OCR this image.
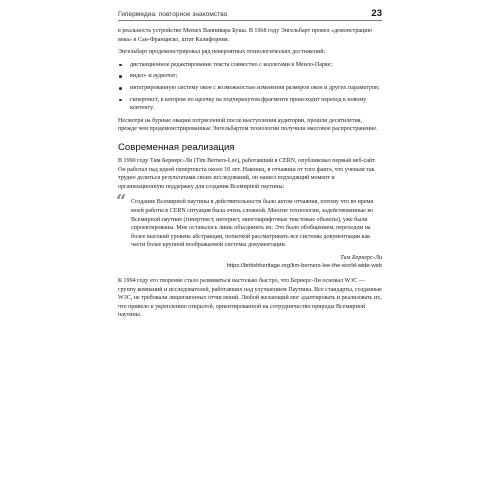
Гипермедиа: повторное знакомство	23

в реальность устройство Memex Ваннивара Буша. В 1968 году Энгельбарт провел «демонстрацию века» в Сан-Франциско, штат Калифорния.

Энгельбарт продемонстрировал ряд невероятных технологических достижений:

дистанционное редактирование текста совместно с коллегами в Менло-Парке;
видео- и аудиочат;
интегрированную систему окон с возможностью изменения размеров окон и других параметров;
гипертекст, в котором по щелчку на подчеркнутом фрагменте происходит переход к новому контенту.

Несмотря на бурные овации потрясенной после выступления аудитории, прошли десятилетия, прежде чем продемонстрированные Энгельбартом технологии получили массовое распространение.

Современная реализация

В 1990 году Тим Бернерс-Ли (Tim Berners-Lee), работавший в CERN, опубликовал первый веб-сайт. Он работал над идеей гипертекста около 10 лет. Наконец, в отчаянии от того факта, что ученым так трудно делиться результатами своих исследований, он нашел подходящий момент и организационную поддержку для создания Всемирной паутины:

“ Создание Всемирной паутины в действительности было актом отчаяния, потому что во время моей работы в CERN ситуация была очень сложной. Многие технологии, задействованные во Всемирной паутине (гипертекст, интернет, многошрифтовые текстовые объекты), уже были спроектированы. Мне оставалось лишь объединить их. Это было обобщением, переходом на более высокий уровень абстракции, попыткой рассматривать все системы документации как части более крупной воображаемой системы документации.

Тим Бернерс-Ли
https://britishheritage.org/tim-berners-lee-the-world-wide-web

К 1994 году его творение стало развиваться настолько быстро, что Бернерс-Ли основал W3C — группу компаний и исследователей, работавших над улучшением Паутины. Все стандарты, созданные W3C, не требовали лицензионных отчислений. Любой желающий мог адаптировать и реализовать их, что привело к укреплению открытой, ориентированной на сотрудничество природы Всемирной паутины.
